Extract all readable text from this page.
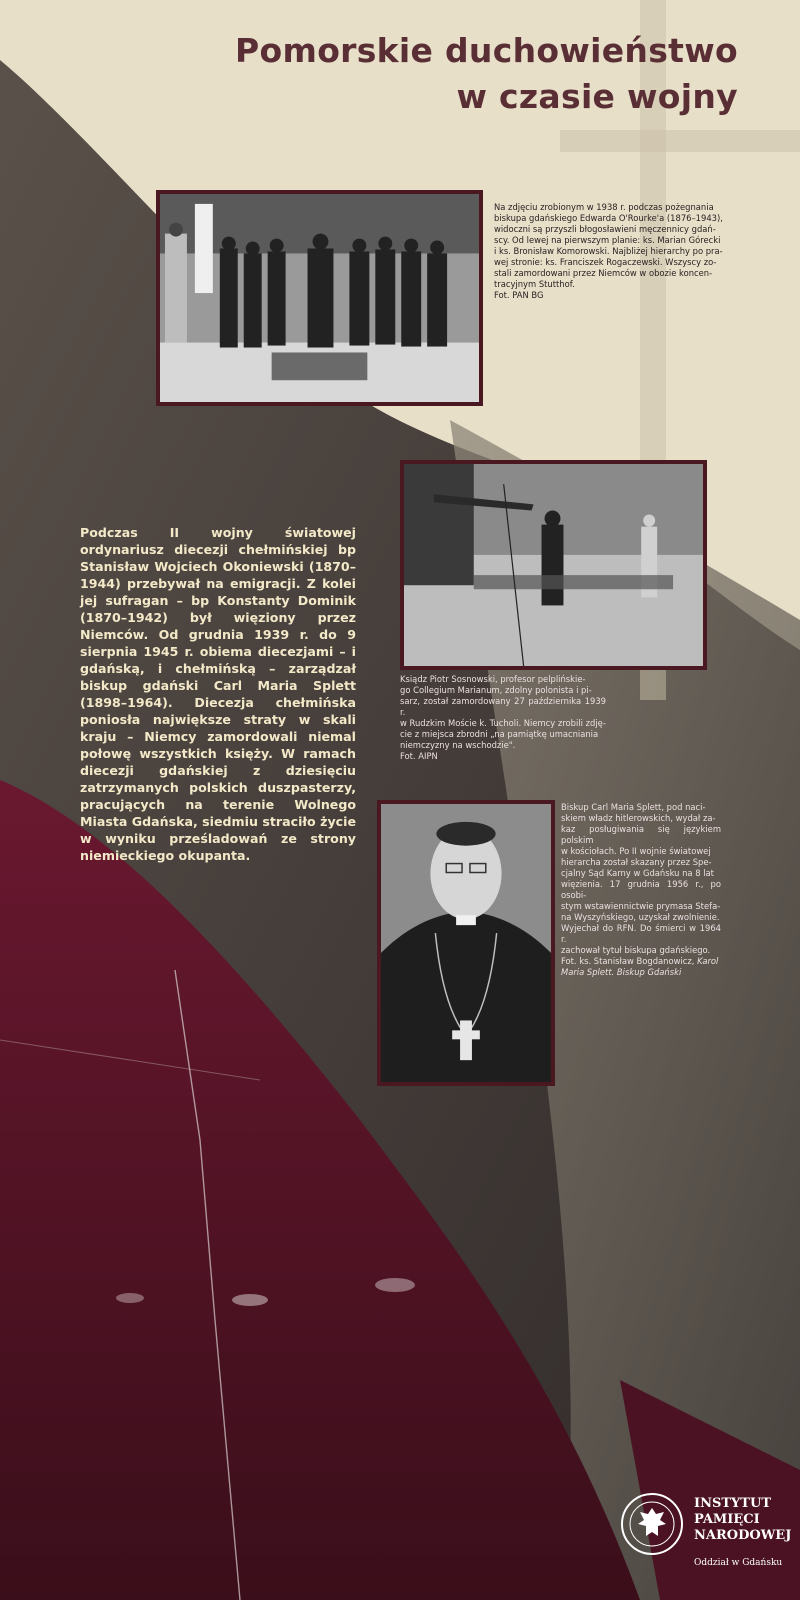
Pomorskie duchowieństwo
w czasie wojny
Na zdjęciu zrobionym w 1938 r. podczas pożegnania
biskupa gdańskiego Edwarda O'Rourke'a (1876–1943),
widoczni są przyszli błogosławieni męczennicy gdań-
scy. Od lewej na pierwszym planie: ks. Marian Górecki
i ks. Bronisław Komorowski. Najbliżej hierarchy po pra-
wej stronie: ks. Franciszek Rogaczewski. Wszyscy zo-
stali zamordowani przez Niemców w obozie koncen-
tracyjnym Stutthof.
Fot. PAN BG
Ksiądz Piotr Sosnowski, profesor pelplińskie-
go Collegium Marianum, zdolny polonista i pi-
sarz, został zamordowany 27 października 1939 r.
w Rudzkim Moście k. Tucholi. Niemcy zrobili zdję-
cie z miejsca zbrodni „na pamiątkę umacniania
niemczyzny na wschodzie".
Fot. AIPN
Podczas II wojny światowej ordynariusz diecezji chełmińskiej bp Stanisław Wojciech Okoniewski (1870–1944) przebywał na emigracji. Z kolei jej sufragan – bp Konstanty Dominik (1870–1942) był więziony przez Niemców. Od grudnia 1939 r. do 9 sierpnia 1945 r. obiema diecezjami – i gdańską, i chełmińską – zarządzał biskup gdański Carl Maria Splett (1898–1964). Diecezja chełmińska poniosła największe straty w skali kraju – Niemcy zamordowali niemal połowę wszystkich księży. W ramach diecezji gdańskiej z dziesięciu zatrzymanych polskich duszpasterzy, pracujących na terenie Wolnego Miasta Gdańska, siedmiu straciło życie w wyniku prześladowań ze strony niemieckiego okupanta.
Biskup Carl Maria Splett, pod naci-
skiem władz hitlerowskich, wydał za-
kaz posługiwania się językiem polskim
w kościołach. Po II wojnie światowej
hierarcha został skazany przez Spe-
cjalny Sąd Karny w Gdańsku na 8 lat
więzienia. 17 grudnia 1956 r., po osobi-
stym wstawiennictwie prymasa Stefa-
na Wyszyńskiego, uzyskał zwolnienie.
Wyjechał do RFN. Do śmierci w 1964 r.
zachował tytuł biskupa gdańskiego.
Fot. ks. Stanisław Bogdanowicz, Karol
Maria Splett. Biskup Gdański
INSTYTUT
PAMIĘCI
NARODOWEJ
Oddział w Gdańsku
